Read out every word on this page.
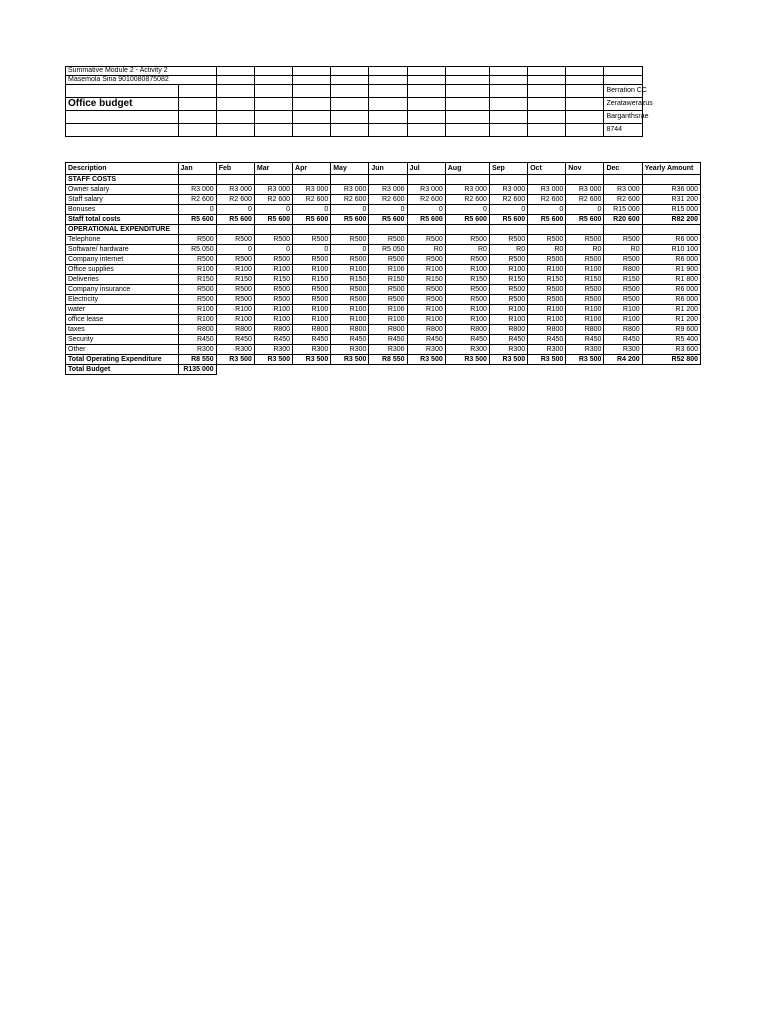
Summative Module 2 - Activity 2												
Masemola Sina 9010080875082												
												Berration CC
Office budget												Zeratawerazus
												Barganthsrae
												8744
Description	Jan	Feb	Mar	Apr	May	Jun	Jul	Aug	Sep	Oct	Nov	Dec	Yearly Amount
STAFF COSTS													
Owner salary	R3 000	R3 000	R3 000	R3 000	R3 000	R3 000	R3 000	R3 000	R3 000	R3 000	R3 000	R3 000	R36 000
Staff salary	R2 600	R2 600	R2 600	R2 600	R2 600	R2 600	R2 600	R2 600	R2 600	R2 600	R2 600	R2 600	R31 200
Bonuses	0	0	0	0	0	0	0	0	0	0	0	R15 000	R15 000
Staff total costs	R5 600	R5 600	R5 600	R5 600	R5 600	R5 600	R5 600	R5 600	R5 600	R5 600	R5 600	R20 600	R82 200
OPERATIONAL EXPENDITURE													
Telephone	R500	R500	R500	R500	R500	R500	R500	R500	R500	R500	R500	R500	R6 000
Software/ hardware	R5 050	0	0	0	0	R5 050	R0	R0	R0	R0	R0	R0	R10 100
Company internet	R500	R500	R500	R500	R500	R500	R500	R500	R500	R500	R500	R500	R6 000
Office supplies	R100	R100	R100	R100	R100	R100	R100	R100	R100	R100	R100	R800	R1 900
Deliveries	R150	R150	R150	R150	R150	R150	R150	R150	R150	R150	R150	R150	R1 800
Company insurance	R500	R500	R500	R500	R500	R500	R500	R500	R500	R500	R500	R500	R6 000
Electricity	R500	R500	R500	R500	R500	R500	R500	R500	R500	R500	R500	R500	R6 000
water	R100	R100	R100	R100	R100	R100	R100	R100	R100	R100	R100	R100	R1 200
office lease	R100	R100	R100	R100	R100	R100	R100	R100	R100	R100	R100	R100	R1 200
taxes	R800	R800	R800	R800	R800	R800	R800	R800	R800	R800	R800	R800	R9 600
Security	R450	R450	R450	R450	R450	R450	R450	R450	R450	R450	R450	R450	R5 400
Other	R300	R300	R300	R300	R300	R300	R300	R300	R300	R300	R300	R300	R3 600
Total Operating Expenditure	R8 550	R3 500	R3 500	R3 500	R3 500	R8 550	R3 500	R3 500	R3 500	R3 500	R3 500	R4 200	R52 800
Total Budget	R135 000												
